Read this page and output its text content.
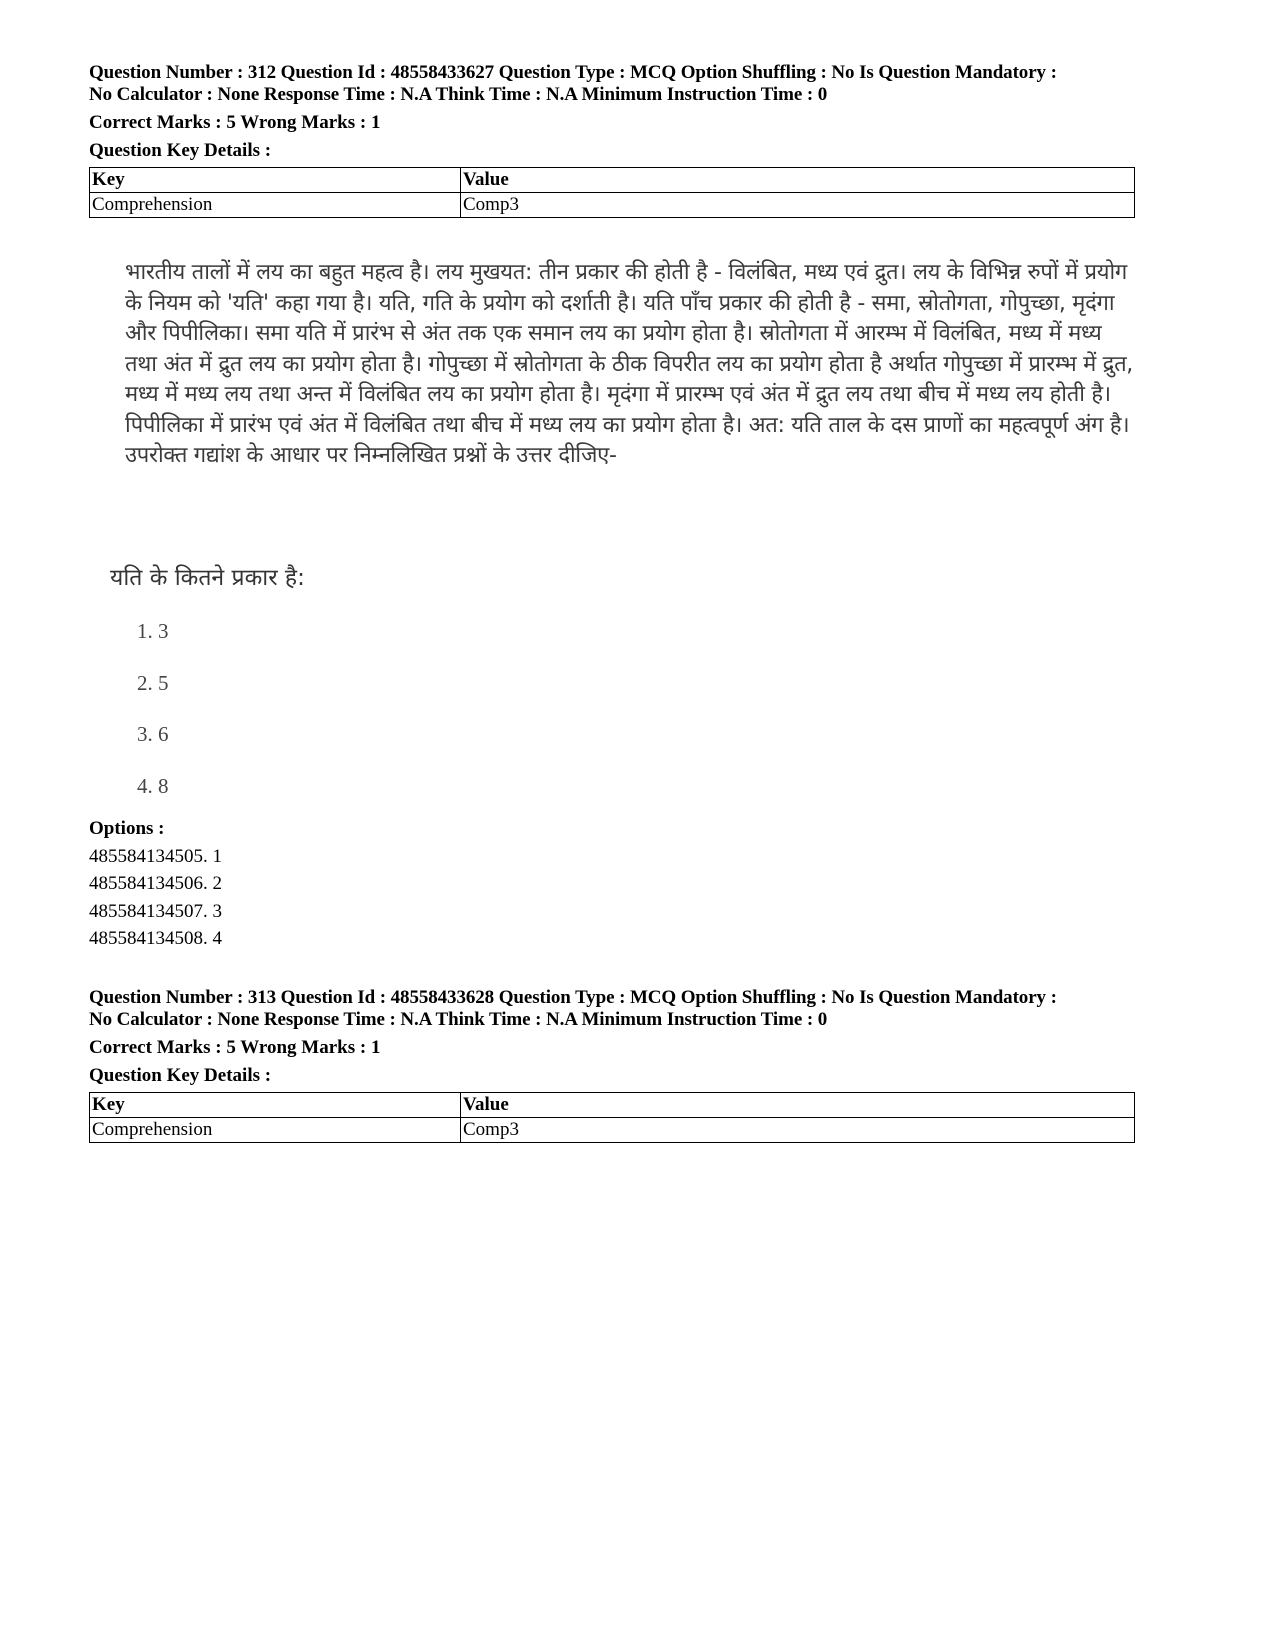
Question Number : 312 Question Id : 48558433627 Question Type : MCQ Option Shuffling : No Is Question Mandatory :
No Calculator : None Response Time : N.A Think Time : N.A Minimum Instruction Time : 0
Correct Marks : 5 Wrong Marks : 1
Question Key Details :
Key	Value
Comprehension	Comp3
भारतीय तालों में लय का बहुत महत्व है। लय मुखयत: तीन प्रकार की होती है - विलंबित, मध्य एवं द्रुत। लय के विभिन्न रुपों में प्रयोग के नियम को 'यति' कहा गया है। यति, गति के प्रयोग को दर्शाती है। यति पाँच प्रकार की होती है - समा, स्रोतोगता, गोपुच्छा, मृदंगा और पिपीलिका। समा यति में प्रारंभ से अंत तक एक समान लय का प्रयोग होता है। स्रोतोगता में आरम्भ में विलंबित, मध्य में मध्य तथा अंत में द्रुत लय का प्रयोग होता है। गोपुच्छा में स्रोतोगता के ठीक विपरीत लय का प्रयोग होता है अर्थात गोपुच्छा में प्रारम्भ में द्रुत, मध्य में मध्य लय तथा अन्त में विलंबित लय का प्रयोग होता है। मृदंगा में प्रारम्भ एवं अंत में द्रुत लय तथा बीच में मध्य लय होती है। पिपीलिका में प्रारंभ एवं अंत में विलंबित तथा बीच में मध्य लय का प्रयोग होता है। अत: यति ताल के दस प्राणों का महत्वपूर्ण अंग है। उपरोक्त गद्यांश के आधार पर निम्नलिखित प्रश्नों के उत्तर दीजिए-
यति के कितने प्रकार है:
1. 3
2. 5
3. 6
4. 8
Options :
485584134505. 1
485584134506. 2
485584134507. 3
485584134508. 4
Question Number : 313 Question Id : 48558433628 Question Type : MCQ Option Shuffling : No Is Question Mandatory :
No Calculator : None Response Time : N.A Think Time : N.A Minimum Instruction Time : 0
Correct Marks : 5 Wrong Marks : 1
Question Key Details :
Key	Value
Comprehension	Comp3
